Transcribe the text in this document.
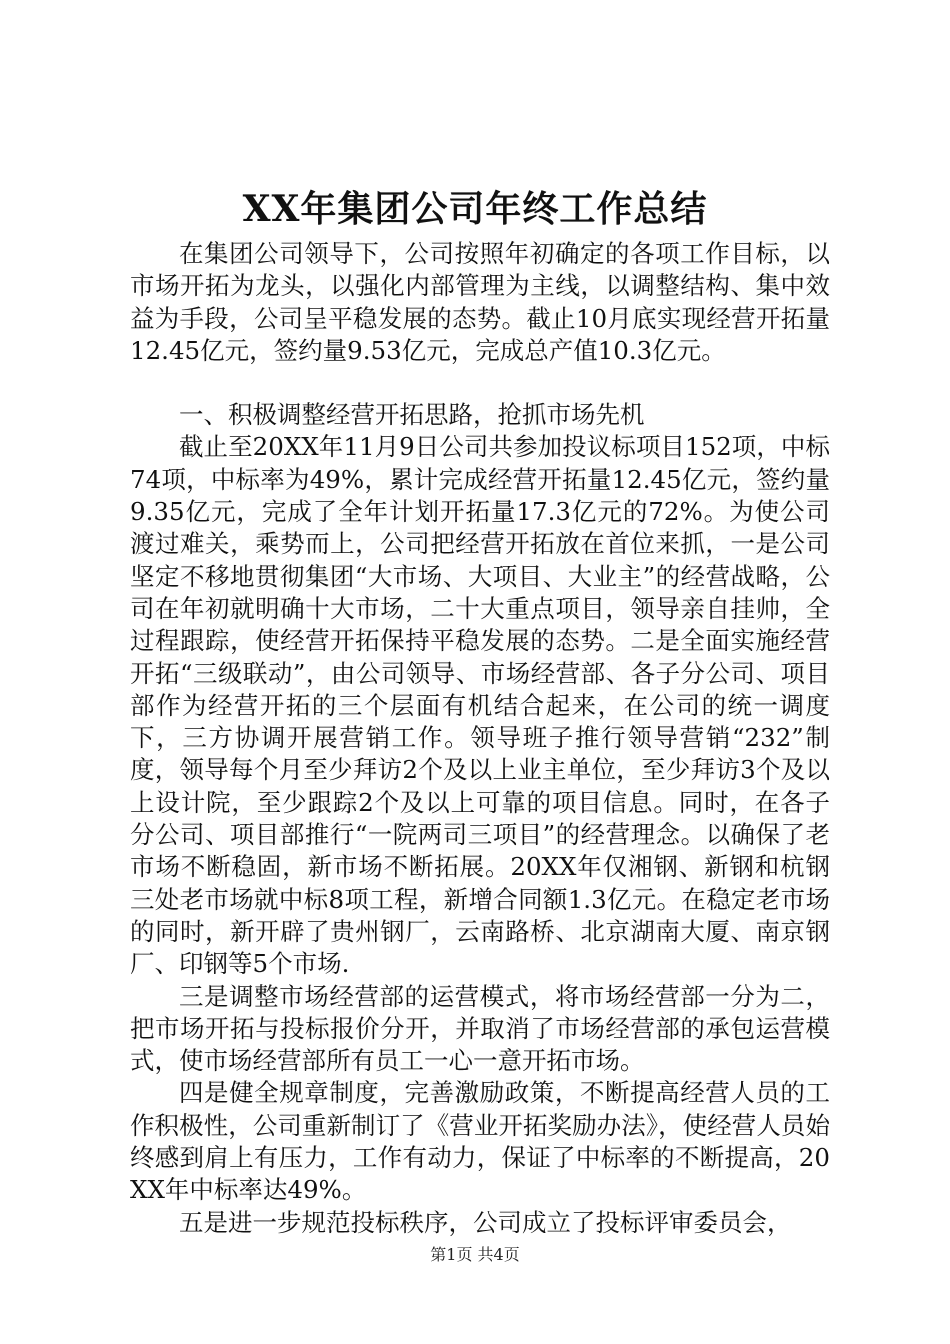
XX年集团公司年终工作总结

在集团公司领导下，公司按照年初确定的各项工作目标，以市场开拓为龙头，以强化内部管理为主线，以调整结构、集中效益为手段，公司呈平稳发展的态势。截止10月底实现经营开拓量12.45亿元，签约量9.53亿元，完成总产值10.3亿元。

一、积极调整经营开拓思路，抢抓市场先机

截止至20XX年11月9日公司共参加投议标项目152项，中标74项，中标率为49%，累计完成经营开拓量12.45亿元，签约量9.35亿元，完成了全年计划开拓量17.3亿元的72%。为使公司渡过难关，乘势而上，公司把经营开拓放在首位来抓，一是公司坚定不移地贯彻集团“大市场、大项目、大业主”的经营战略，公司在年初就明确十大市场，二十大重点项目，领导亲自挂帅，全过程跟踪，使经营开拓保持平稳发展的态势。二是全面实施经营开拓“三级联动”，由公司领导、市场经营部、各子分公司、项目部作为经营开拓的三个层面有机结合起来，在公司的统一调度下，三方协调开展营销工作。领导班子推行领导营销“232”制度，领导每个月至少拜访2个及以上业主单位，至少拜访3个及以上设计院，至少跟踪2个及以上可靠的项目信息。同时，在各子分公司、项目部推行“一院两司三项目”的经营理念。以确保了老市场不断稳固，新市场不断拓展。20XX年仅湘钢、新钢和杭钢三处老市场就中标8项工程，新增合同额1.3亿元。在稳定老市场的同时，新开辟了贵州钢厂，云南路桥、北京湖南大厦、南京钢厂、印钢等5个市场.

三是调整市场经营部的运营模式，将市场经营部一分为二，把市场开拓与投标报价分开，并取消了市场经营部的承包运营模式，使市场经营部所有员工一心一意开拓市场。

四是健全规章制度，完善激励政策，不断提高经营人员的工作积极性，公司重新制订了《营业开拓奖励办法》，使经营人员始终感到肩上有压力，工作有动力，保证了中标率的不断提高，20XX年中标率达49%。

五是进一步规范投标秩序，公司成立了投标评审委员会，

第1页 共4页
